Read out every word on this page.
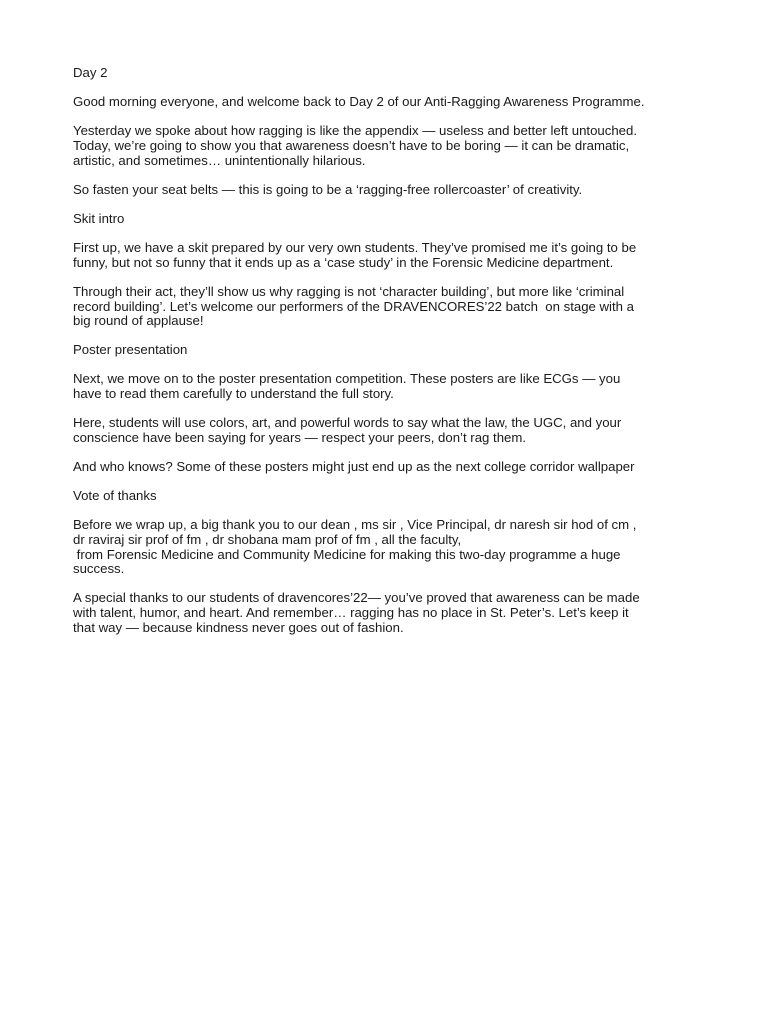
Day 2

Good morning everyone, and welcome back to Day 2 of our Anti-Ragging Awareness Programme.

Yesterday we spoke about how ragging is like the appendix — useless and better left untouched.
Today, we’re going to show you that awareness doesn’t have to be boring — it can be dramatic,
artistic, and sometimes… unintentionally hilarious.

So fasten your seat belts — this is going to be a ‘ragging-free rollercoaster’ of creativity.

Skit intro

First up, we have a skit prepared by our very own students. They’ve promised me it’s going to be
funny, but not so funny that it ends up as a ‘case study’ in the Forensic Medicine department.

Through their act, they’ll show us why ragging is not ‘character building’, but more like ‘criminal
record building’. Let’s welcome our performers of the DRAVENCORES’22 batch  on stage with a
big round of applause!

Poster presentation

Next, we move on to the poster presentation competition. These posters are like ECGs — you
have to read them carefully to understand the full story.

Here, students will use colors, art, and powerful words to say what the law, the UGC, and your
conscience have been saying for years — respect your peers, don’t rag them.

And who knows? Some of these posters might just end up as the next college corridor wallpaper

Vote of thanks

Before we wrap up, a big thank you to our dean , ms sir , Vice Principal, dr naresh sir hod of cm ,
dr raviraj sir prof of fm , dr shobana mam prof of fm , all the faculty,
from Forensic Medicine and Community Medicine for making this two-day programme a huge
success.

A special thanks to our students of dravencores’22— you’ve proved that awareness can be made
with talent, humor, and heart. And remember… ragging has no place in St. Peter’s. Let’s keep it
that way — because kindness never goes out of fashion.
